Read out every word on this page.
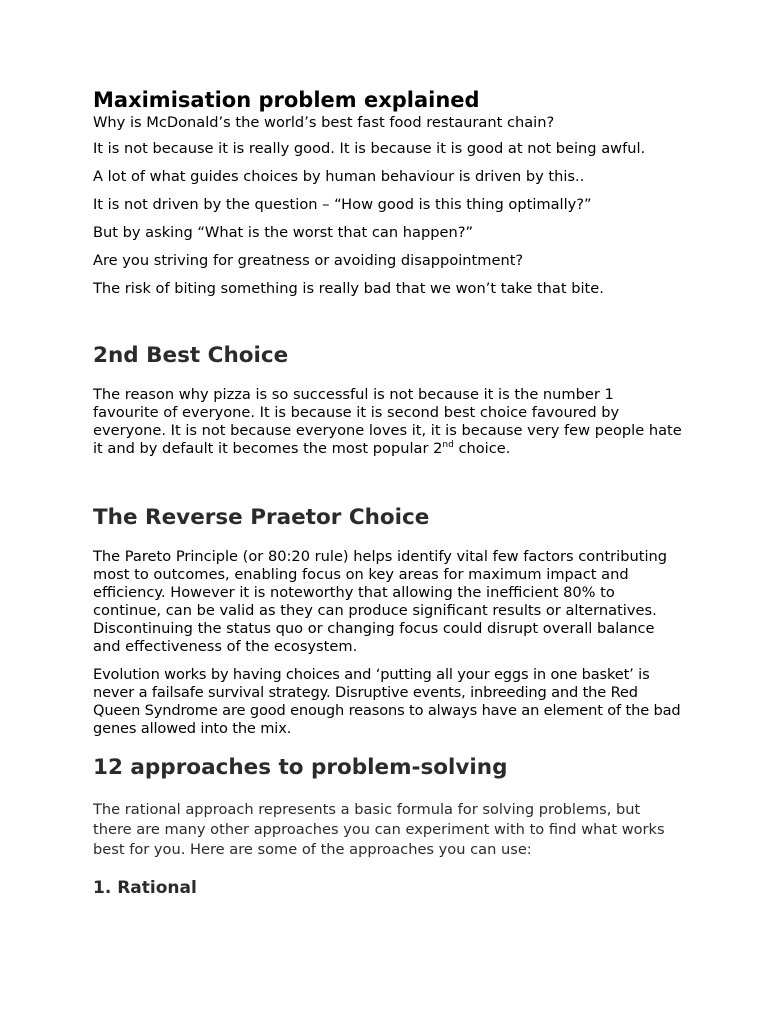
Maximisation problem explained

Why is McDonald’s the world’s best fast food restaurant chain?

It is not because it is really good. It is because it is good at not being awful.

A lot of what guides choices by human behaviour is driven by this..

It is not driven by the question – “How good is this thing optimally?”

But by asking “What is the worst that can happen?”

Are you striving for greatness or avoiding disappointment?

The risk of biting something is really bad that we won’t take that bite.

2nd Best Choice

The reason why pizza is so successful is not because it is the number 1 favourite of everyone. It is because it is second best choice favoured by everyone. It is not because everyone loves it, it is because very few people hate it and by default it becomes the most popular 2nd choice.

The Reverse Praetor Choice

The Pareto Principle (or 80:20 rule) helps identify vital few factors contributing most to outcomes, enabling focus on key areas for maximum impact and efficiency. However it is noteworthy that allowing the inefficient 80% to continue, can be valid as they can produce significant results or alternatives. Discontinuing the status quo or changing focus could disrupt overall balance and effectiveness of the ecosystem.

Evolution works by having choices and ‘putting all your eggs in one basket’ is never a failsafe survival strategy. Disruptive events, inbreeding and the Red Queen Syndrome are good enough reasons to always have an element of the bad genes allowed into the mix.

12 approaches to problem-solving

The rational approach represents a basic formula for solving problems, but there are many other approaches you can experiment with to find what works best for you. Here are some of the approaches you can use:

1. Rational
